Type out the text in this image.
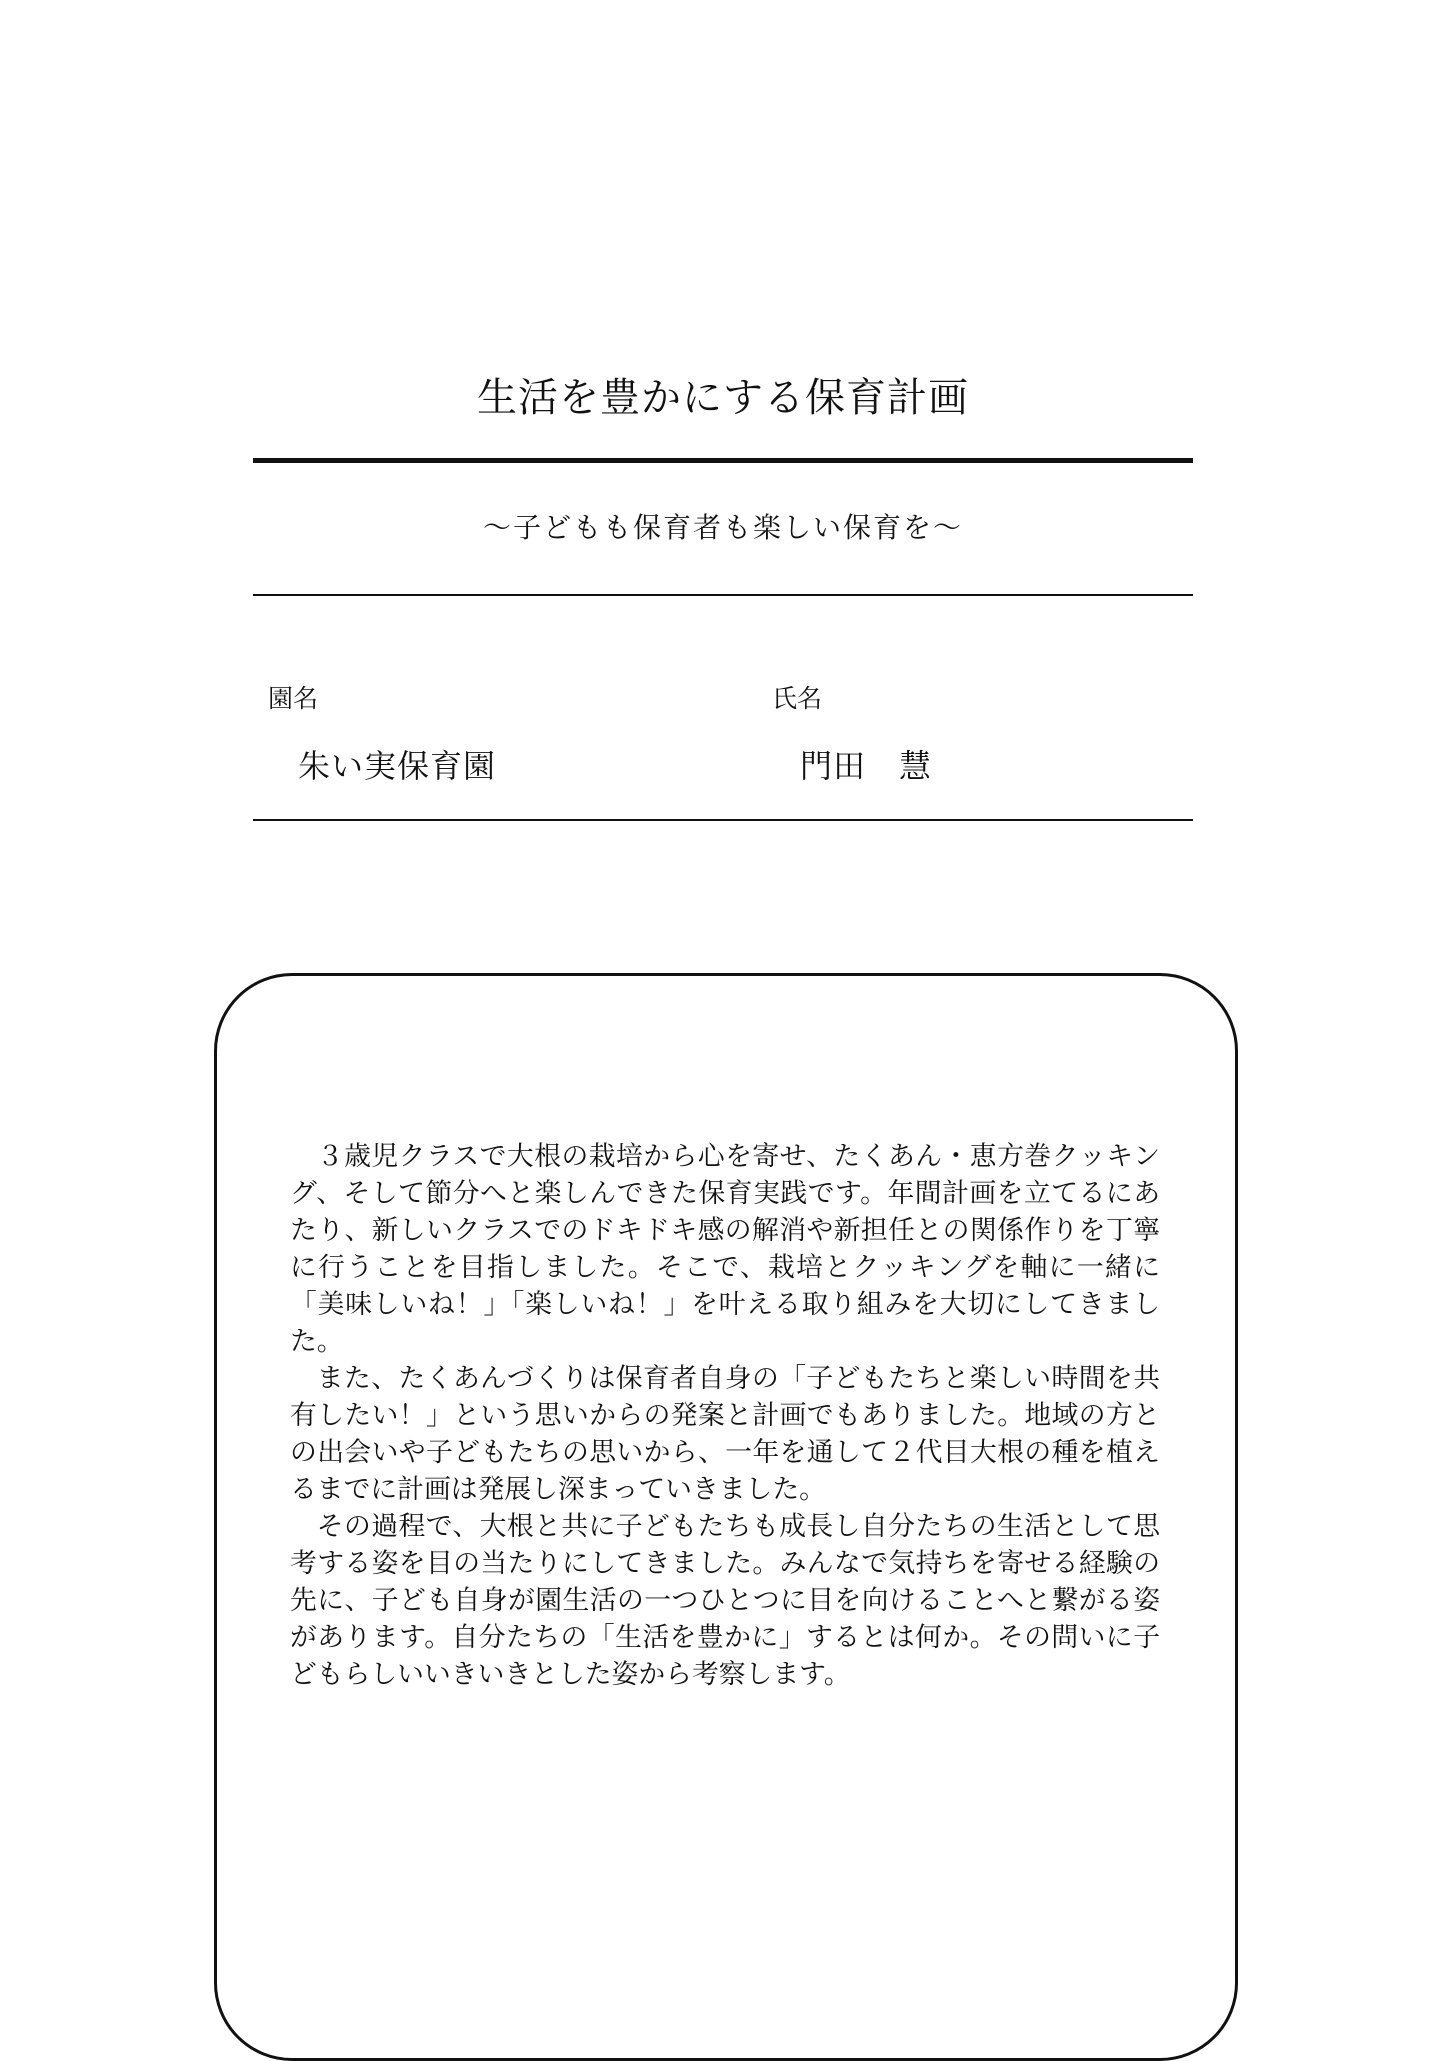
生活を豊かにする保育計画
〜子どもも保育者も楽しい保育を〜
園名	氏名
朱い実保育園	門田　慧

３歳児クラスで大根の栽培から心を寄せ、たくあん・恵方巻クッキング、そして節分へと楽しんできた保育実践です。年間計画を立てるにあたり、新しいクラスでのドキドキ感の解消や新担任との関係作りを丁寧に行うことを目指しました。そこで、栽培とクッキングを軸に一緒に「美味しいね！」「楽しいね！」を叶える取り組みを大切にしてきました。

また、たくあんづくりは保育者自身の「子どもたちと楽しい時間を共有したい！」という思いからの発案と計画でもありました。地域の方との出会いや子どもたちの思いから、一年を通して２代目大根の種を植えるまでに計画は発展し深まっていきました。

その過程で、大根と共に子どもたちも成長し自分たちの生活として思考する姿を目の当たりにしてきました。みんなで気持ちを寄せる経験の先に、子ども自身が園生活の一つひとつに目を向けることへと繋がる姿があります。自分たちの「生活を豊かに」するとは何か。その問いに子どもらしいいきいきとした姿から考察します。
